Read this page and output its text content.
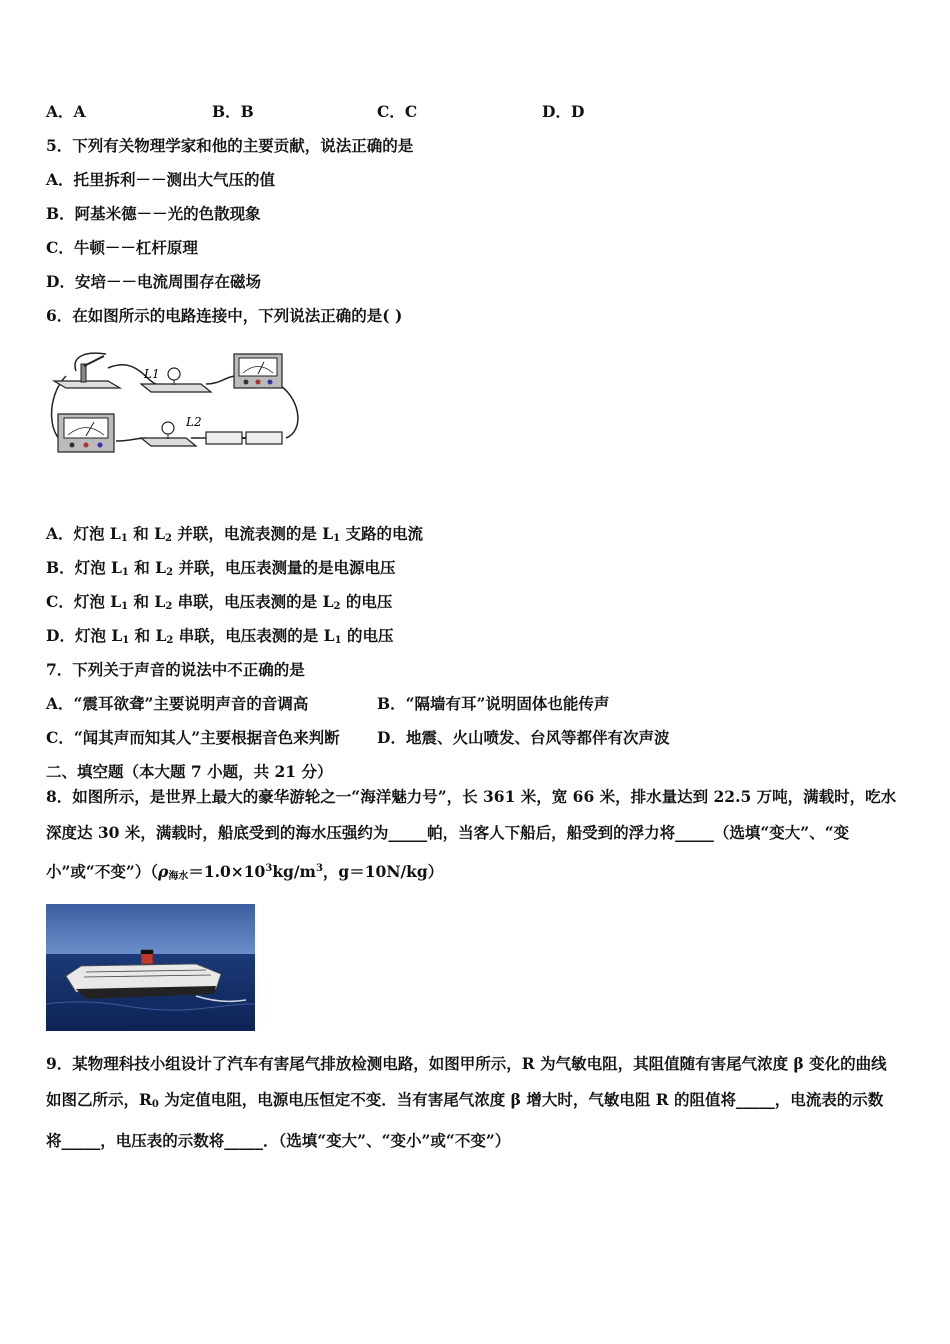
A．A	B．B	C．C	D．D
5．下列有关物理学家和他的主要贡献，说法正确的是
A．托里拆利－－测出大气压的值
B．阿基米德－－光的色散现象
C．牛顿－－杠杆原理
D．安培－－电流周围存在磁场
6．在如图所示的电路连接中，下列说法正确的是( )
L1
L2
A．灯泡 $L_1$ 和 $L_2$ 并联，电流表测的是 $L_1$ 支路的电流
B．灯泡 $L_1$ 和 $L_2$ 并联，电压表测量的是电源电压
C．灯泡 $L_1$ 和 $L_2$ 串联，电压表测的是 $L_2$ 的电压
D．灯泡 $L_1$ 和 $L_2$ 串联，电压表测的是 $L_1$ 的电压
7．下列关于声音的说法中不正确的是
A．“震耳欲聋”主要说明声音的音调高	B．“隔墙有耳”说明固体也能传声
C．“闻其声而知其人”主要根据音色来判断 D．地震、火山喷发、台风等都伴有次声波
二、填空题（本大题 7 小题，共 21 分）
8．如图所示，是世界上最大的豪华游轮之一“海洋魅力号”，长 361 米，宽 66 米，排水量达到 22.5 万吨，满载时，吃水深度达 30 米，满载时，船底受到的海水压强约为_____帕，当客人下船后，船受到的浮力将_____（选填“变大”、“变小”或“不变$”)(\rho_{海水}=1.0\times 10^3kg/m^3$，g＝10N/kg）
9．某物理科技小组设计了汽车有害尾气排放检测电路，如图甲所示，R 为气敏电阻，其阻值随有害尾气浓度 β 变化的曲线如图乙所示，$R_0$ 为定值电阻，电源电压恒定不变．当有害尾气浓度 β 增大时，气敏电阻 R 的阻值将_____，电流表的示数将_____，电压表的示数将_____．（选填“变大”、“变小”或“不变”）
